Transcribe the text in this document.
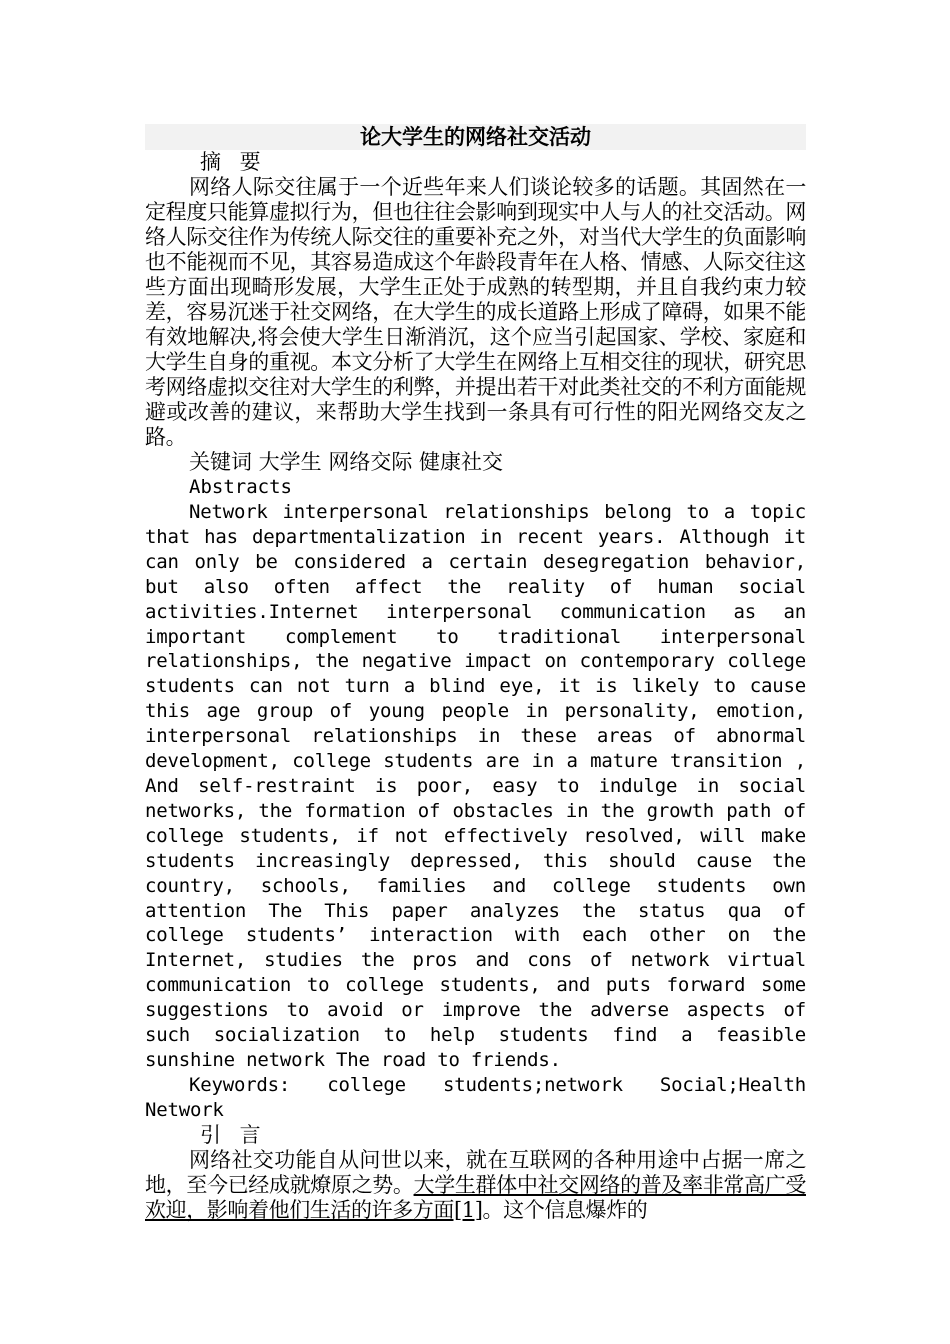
论大学生的网络社交活动

摘 要

网络人际交往属于一个近些年来人们谈论较多的话题。其固然在一定程度只能算虚拟行为，但也往往会影响到现实中人与人的社交活动。网络人际交往作为传统人际交往的重要补充之外，对当代大学生的负面影响也不能视而不见，其容易造成这个年龄段青年在人格、情感、人际交往这些方面出现畸形发展，大学生正处于成熟的转型期，并且自我约束力较差，容易沉迷于社交网络，在大学生的成长道路上形成了障碍，如果不能有效地解决,将会使大学生日渐消沉，这个应当引起国家、学校、家庭和大学生自身的重视。本文分析了大学生在网络上互相交往的现状，研究思考网络虚拟交往对大学生的利弊，并提出若干对此类社交的不利方面能规避或改善的建议，来帮助大学生找到一条具有可行性的阳光网络交友之路。

关键词 大学生 网络交际 健康社交

Abstracts

Network interpersonal relationships belong to a topic that has departmentalization in recent years. Although it can only be considered a certain desegregation behavior, but also often affect the reality of human social activities.Internet interpersonal communication as an important complement to traditional interpersonal relationships, the negative impact on contemporary college students can not turn a blind eye, it is likely to cause this age group of young people in personality, emotion, interpersonal relationships in these areas of abnormal development, college students are in a mature transition , And self-restraint is poor, easy to indulge in social networks, the formation of obstacles in the growth path of college students, if not effectively resolved, will make students increasingly depressed, this should cause the country, schools, families and college students own attention The This paper analyzes the status qua of college students’ interaction with each other on the Internet, studies the pros and cons of network virtual communication to college students, and puts forward some suggestions to avoid or improve the adverse aspects of such socialization to help students find a feasible sunshine network The road to friends.

Keywords: college students;network Social;Health Network

引 言

网络社交功能自从问世以来，就在互联网的各种用途中占据一席之地，至今已经成就燎原之势。大学生群体中社交网络的普及率非常高广受欢迎，影响着他们生活的许多方面[1]。这个信息爆炸的
